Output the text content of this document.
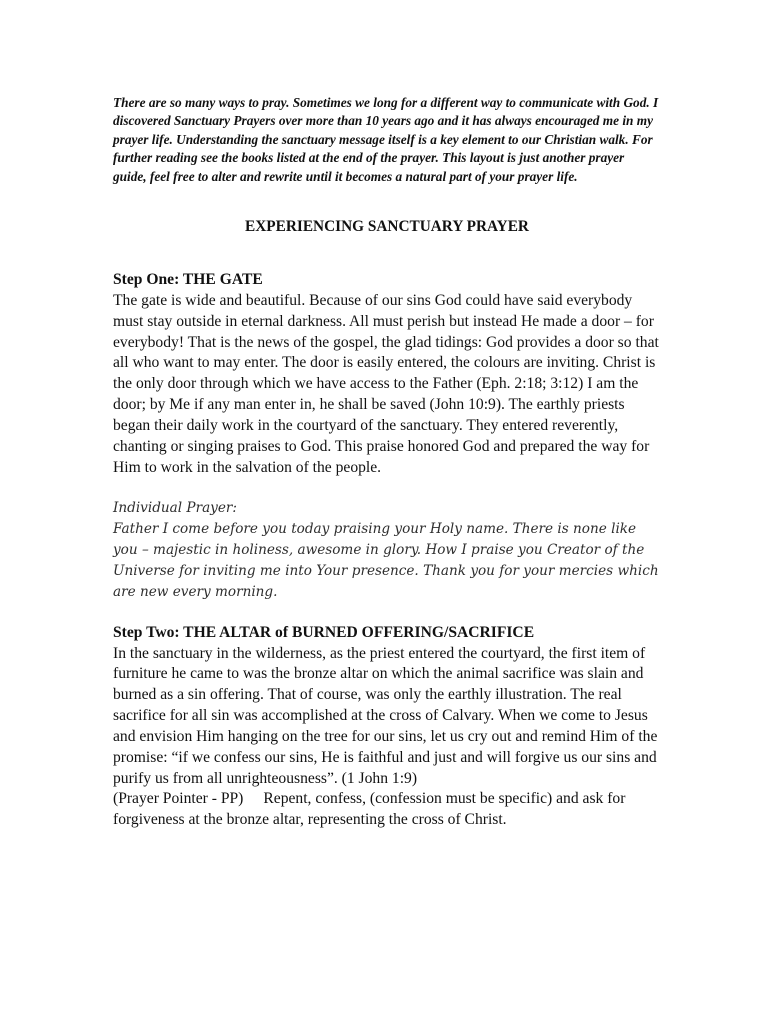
There are so many ways to pray. Sometimes we long for a different way to communicate with God. I discovered Sanctuary Prayers over more than 10 years ago and it has always encouraged me in my prayer life. Understanding the sanctuary message itself is a key element to our Christian walk. For further reading see the books listed at the end of the prayer. This layout is just another prayer guide, feel free to alter and rewrite until it becomes a natural part of your prayer life.

EXPERIENCING SANCTUARY PRAYER
Step One: THE GATE
The gate is wide and beautiful. Because of our sins God could have said everybody must stay outside in eternal darkness. All must perish but instead He made a door – for everybody! That is the news of the gospel, the glad tidings: God provides a door so that all who want to may enter. The door is easily entered, the colours are inviting. Christ is the only door through which we have access to the Father (Eph. 2:18; 3:12) I am the door; by Me if any man enter in, he shall be saved (John 10:9). The earthly priests began their daily work in the courtyard of the sanctuary. They entered reverently, chanting or singing praises to God. This praise honored God and prepared the way for Him to work in the salvation of the people.
Individual Prayer:
Father I come before you today praising your Holy name. There is none like you – majestic in holiness, awesome in glory. How I praise you Creator of the Universe for inviting me into Your presence. Thank you for your mercies which are new every morning.
Step Two: THE ALTAR of BURNED OFFERING/SACRIFICE
In the sanctuary in the wilderness, as the priest entered the courtyard, the first item of furniture he came to was the bronze altar on which the animal sacrifice was slain and burned as a sin offering. That of course, was only the earthly illustration. The real sacrifice for all sin was accomplished at the cross of Calvary. When we come to Jesus and envision Him hanging on the tree for our sins, let us cry out and remind Him of the promise: “if we confess our sins, He is faithful and just and will forgive us our sins and purify us from all unrighteousness”. (1 John 1:9)
(Prayer Pointer - PP) Repent, confess, (confession must be specific) and ask for forgiveness at the bronze altar, representing the cross of Christ.
